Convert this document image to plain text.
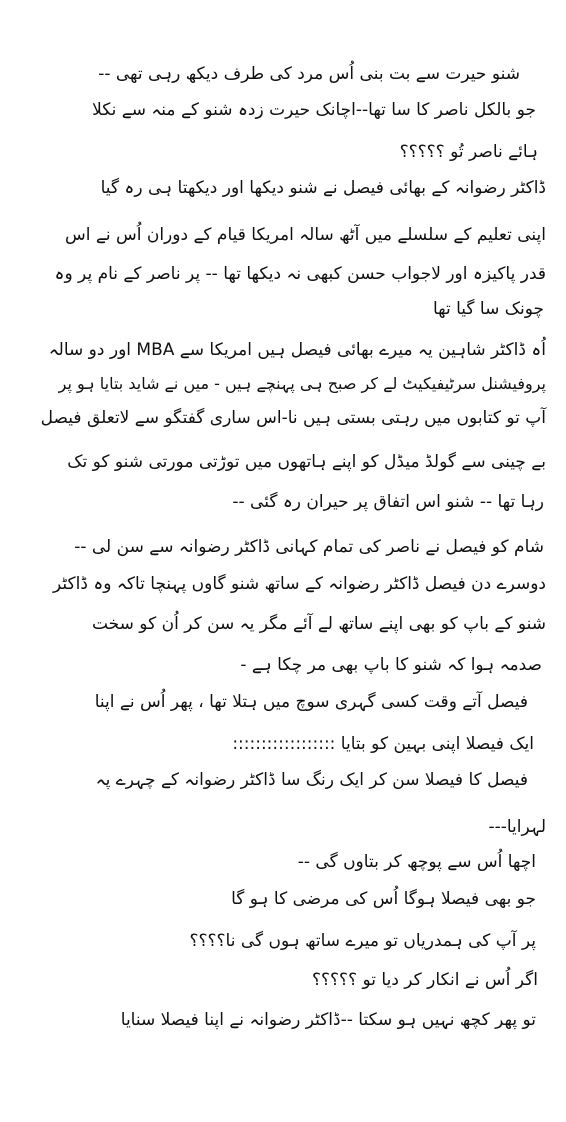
شنو حیرت سے بت بنی اُس مرد کی طرف دیکھ رہی تھی --
جو بالکل ناصر کا سا تھا--اچانک حیرت زدہ شنو کے منہ سے نکلا
ہائے ناصر تُو ؟؟؟؟؟
ڈاکٹر رضوانہ کے بھائی فیصل نے شنو دیکھا اور دیکھتا ہی رہ گیا
اپنی تعلیم کے سلسلے میں آٹھ سالہ امریکا قیام کے دوران اُس نے اس
قدر پاکیزہ اور لاجواب حسن کبھی نہ دیکھا تھا -- پر ناصر کے نام پر وہ
چونک سا گیا تھا
اُہ ڈاکٹر شاہین یہ میرے بھائی فیصل ہیں امریکا سے MBA اور دو سالہ
پروفیشنل سرٹیفیکیٹ لے کر صبح ہی پہنچے ہیں - میں نے شاید بتایا ہو پر
آپ تو کتابوں میں رہتی بستی ہیں نا-اس ساری گفتگو سے لاتعلق فیصل
بے چینی سے گولڈ میڈل کو اپنے ہاتھوں میں توڑتی مورتی شنو کو تک
رہا تھا -- شنو اس اتفاق پر حیران رہ گئی --
شام کو فیصل نے ناصر کی تمام کہانی ڈاکٹر رضوانہ سے سن لی --
دوسرے دن فیصل ڈاکٹر رضوانہ کے ساتھ شنو گاوں پہنچا تاکہ وہ ڈاکٹر
شنو کے باپ کو بھی اپنے ساتھ لے آئے مگر یہ سن کر اُن کو سخت
صدمہ ہوا کہ شنو کا باپ بھی مر چکا ہے -
فیصل آتے وقت کسی گہری سوچ میں ہتلا تھا ، پھر اُس نے اپنا
ایک فیصلا اپنی بہین کو بتایا ::::::::::::::::::
فیصل کا فیصلا سن کر ایک رنگ سا ڈاکٹر رضوانہ کے چہرے پہ
لہرایا---
اچھا اُس سے پوچھ کر بتاوں گی --
جو بھی فیصلا ہوگا اُس کی مرضی کا ہو گا
پر آپ کی ہمدریاں تو میرے ساتھ ہوں گی نا؟؟؟؟
اگر اُس نے انکار کر دیا تو ؟؟؟؟؟
تو پھر کچھ نہیں ہو سکتا --ڈاکٹر رضوانہ نے اپنا فیصلا سنایا
